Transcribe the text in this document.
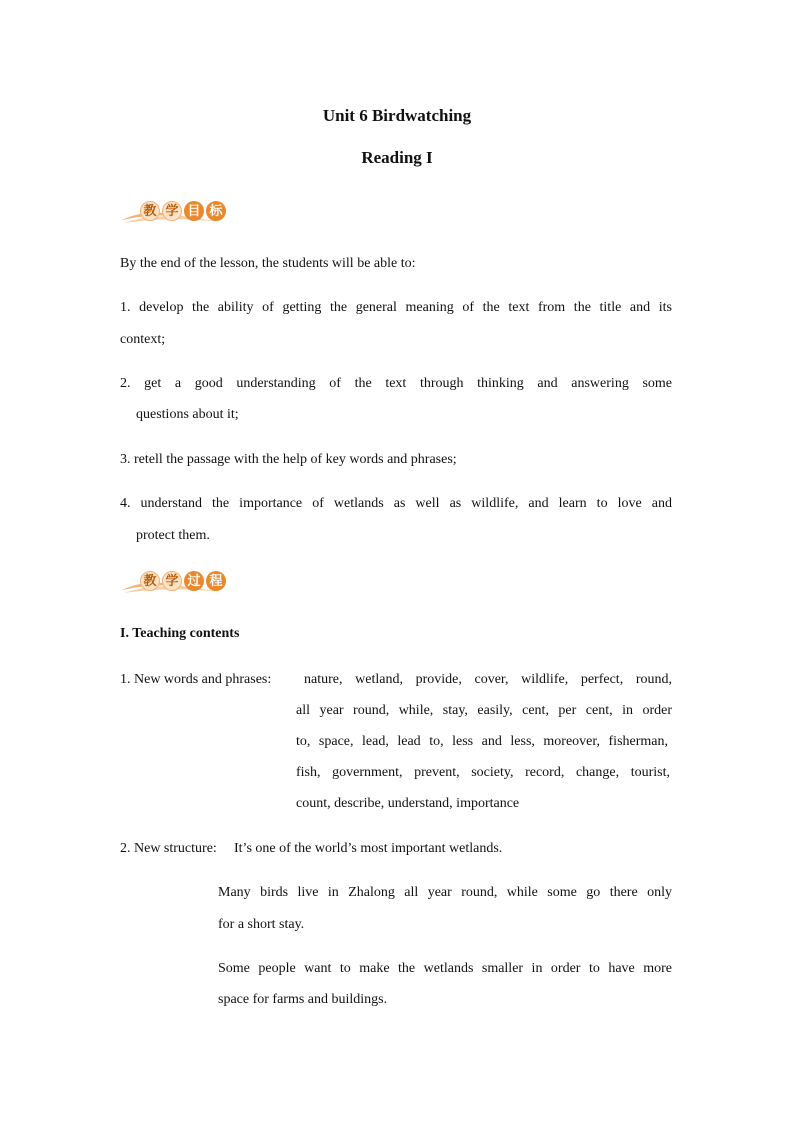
Unit 6 Birdwatching
Reading I
教 学 目 标
By the end of the lesson, the students will be able to:
1. develop the ability of getting the general meaning of the text from the title and its
context;
2. get a good understanding of the text through thinking and answering some
questions about it;
3. retell the passage with the help of key words and phrases;
4. understand the importance of wetlands as well as wildlife, and learn to love and
protect them.
教 学 过 程
I. Teaching contents
1. New words and phrases: nature, wetland, provide, cover, wildlife, perfect, round,
all year round, while, stay, easily, cent, per cent, in order
to, space, lead, lead to, less and less, moreover, fisherman,
fish, government, prevent, society, record, change, tourist,
count, describe, understand, importance
2. New structure: It’s one of the world’s most important wetlands.
Many birds live in Zhalong all year round, while some go there only
for a short stay.
Some people want to make the wetlands smaller in order to have more
space for farms and buildings.
